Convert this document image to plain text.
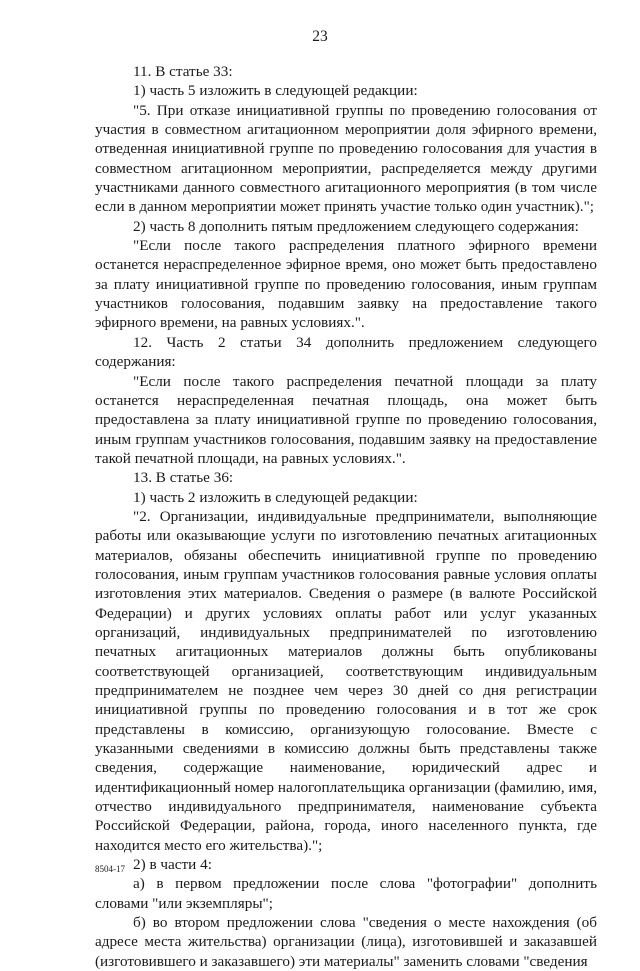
23

11. В статье 33:

1) часть 5 изложить в следующей редакции:

"5. При отказе инициативной группы по проведению голосования от участия в совместном агитационном мероприятии доля эфирного времени, отведенная инициативной группе по проведению голосования для участия в совместном агитационном мероприятии, распределяется между другими участниками данного совместного агитационного мероприятия (в том числе если в данном мероприятии может принять участие только один участник).";

2) часть 8 дополнить пятым предложением следующего содержания:

"Если после такого распределения платного эфирного времени останется нераспределенное эфирное время, оно может быть предоставлено за плату инициативной группе по проведению голосования, иным группам участников голосования, подавшим заявку на предоставление такого эфирного времени, на равных условиях.".

12. Часть 2 статьи 34 дополнить предложением следующего содержания:

"Если после такого распределения печатной площади за плату останется нераспределенная печатная площадь, она может быть предоставлена за плату инициативной группе по проведению голосования, иным группам участников голосования, подавшим заявку на предоставление такой печатной площади, на равных условиях.".

13. В статье 36:

1) часть 2 изложить в следующей редакции:

"2. Организации, индивидуальные предприниматели, выполняющие работы или оказывающие услуги по изготовлению печатных агитационных материалов, обязаны обеспечить инициативной группе по проведению голосования, иным группам участников голосования равные условия оплаты изготовления этих материалов. Сведения о размере (в валюте Российской Федерации) и других условиях оплаты работ или услуг указанных организаций, индивидуальных предпринимателей по изготовлению печатных агитационных материалов должны быть опубликованы соответствующей организацией, соответствующим индивидуальным предпринимателем не позднее чем через 30 дней со дня регистрации инициативной группы по проведению голосования и в тот же срок представлены в комиссию, организующую голосование. Вместе с указанными сведениями в комиссию должны быть представлены также сведения, содержащие наименование, юридический адрес и идентификационный номер налогоплательщика организации (фамилию, имя, отчество индивидуального предпринимателя, наименование субъекта Российской Федерации, района, города, иного населенного пункта, где находится место его жительства).";

2) в части 4:

а) в первом предложении после слова "фотографии" дополнить словами "или экземпляры";

б) во втором предложении слова "сведения о месте нахождения (об адресе места жительства) организации (лица), изготовившей и заказавшей (изготовившего и заказавшего) эти материалы" заменить словами "сведения

8504-17
